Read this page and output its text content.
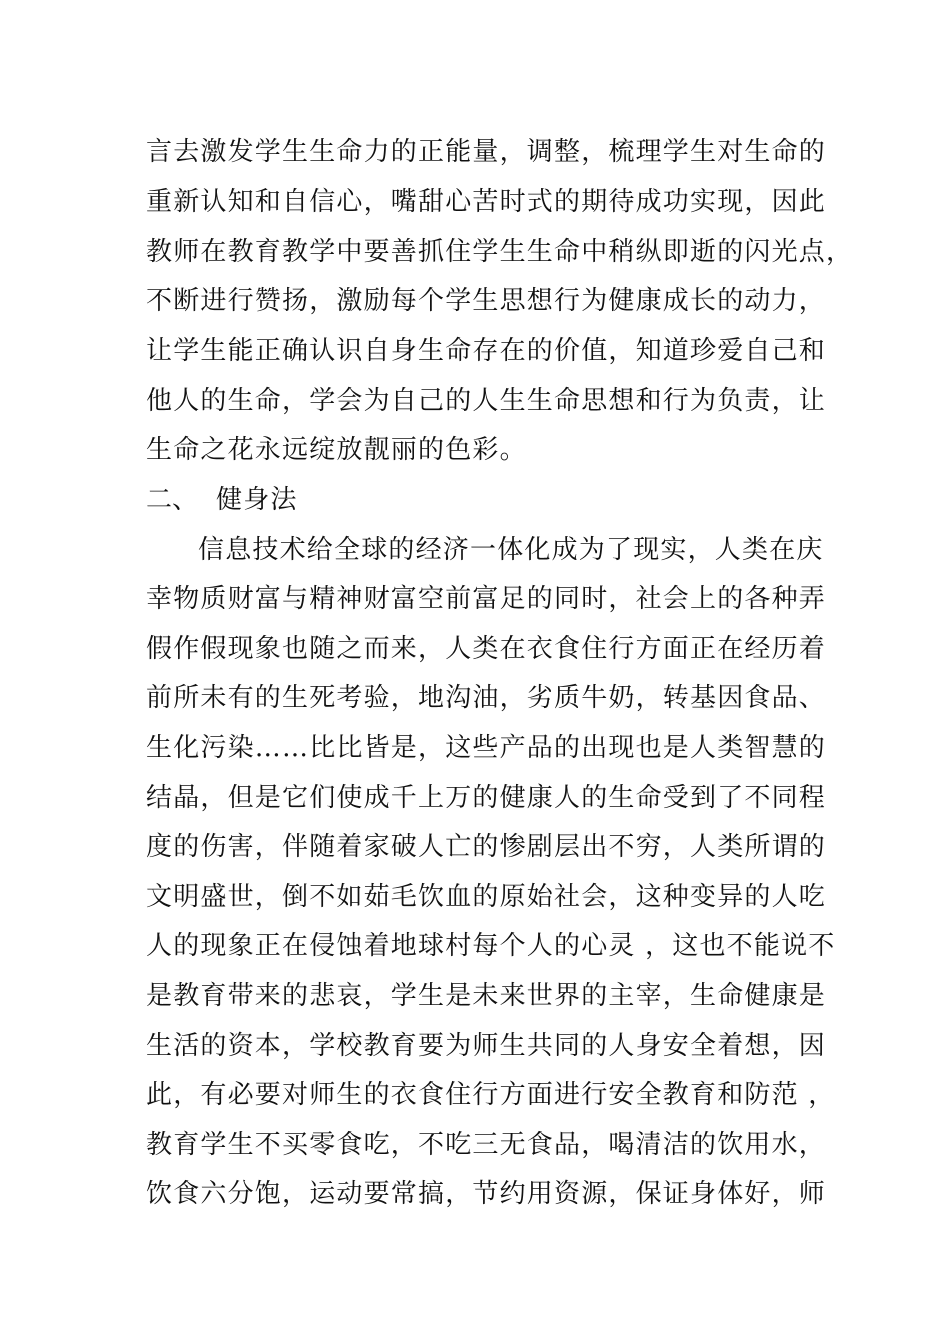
言去激发学生生命力的正能量，调整，梳理学生对生命的
重新认知和自信心，嘴甜心苦时式的期待成功实现，因此
教师在教育教学中要善抓住学生生命中稍纵即逝的闪光点，
不断进行赞扬，激励每个学生思想行为健康成长的动力，
让学生能正确认识自身生命存在的价值，知道珍爱自己和
他人的生命，学会为自己的人生生命思想和行为负责，让
生命之花永远绽放靓丽的色彩。
二、 健身法
信息技术给全球的经济一体化成为了现实，人类在庆
幸物质财富与精神财富空前富足的同时，社会上的各种弄
假作假现象也随之而来，人类在衣食住行方面正在经历着
前所未有的生死考验，地沟油，劣质牛奶，转基因食品、
生化污染……比比皆是，这些产品的出现也是人类智慧的
结晶，但是它们使成千上万的健康人的生命受到了不同程
度的伤害，伴随着家破人亡的惨剧层出不穷，人类所谓的
文明盛世，倒不如茹毛饮血的原始社会，这种变异的人吃
人的现象正在侵蚀着地球村每个人的心灵 ，这也不能说不
是教育带来的悲哀，学生是未来世界的主宰，生命健康是
生活的资本，学校教育要为师生共同的人身安全着想，因
此，有必要对师生的衣食住行方面进行安全教育和防范 ，
教育学生不买零食吃，不吃三无食品，喝清洁的饮用水，
饮食六分饱，运动要常搞，节约用资源，保证身体好，师
